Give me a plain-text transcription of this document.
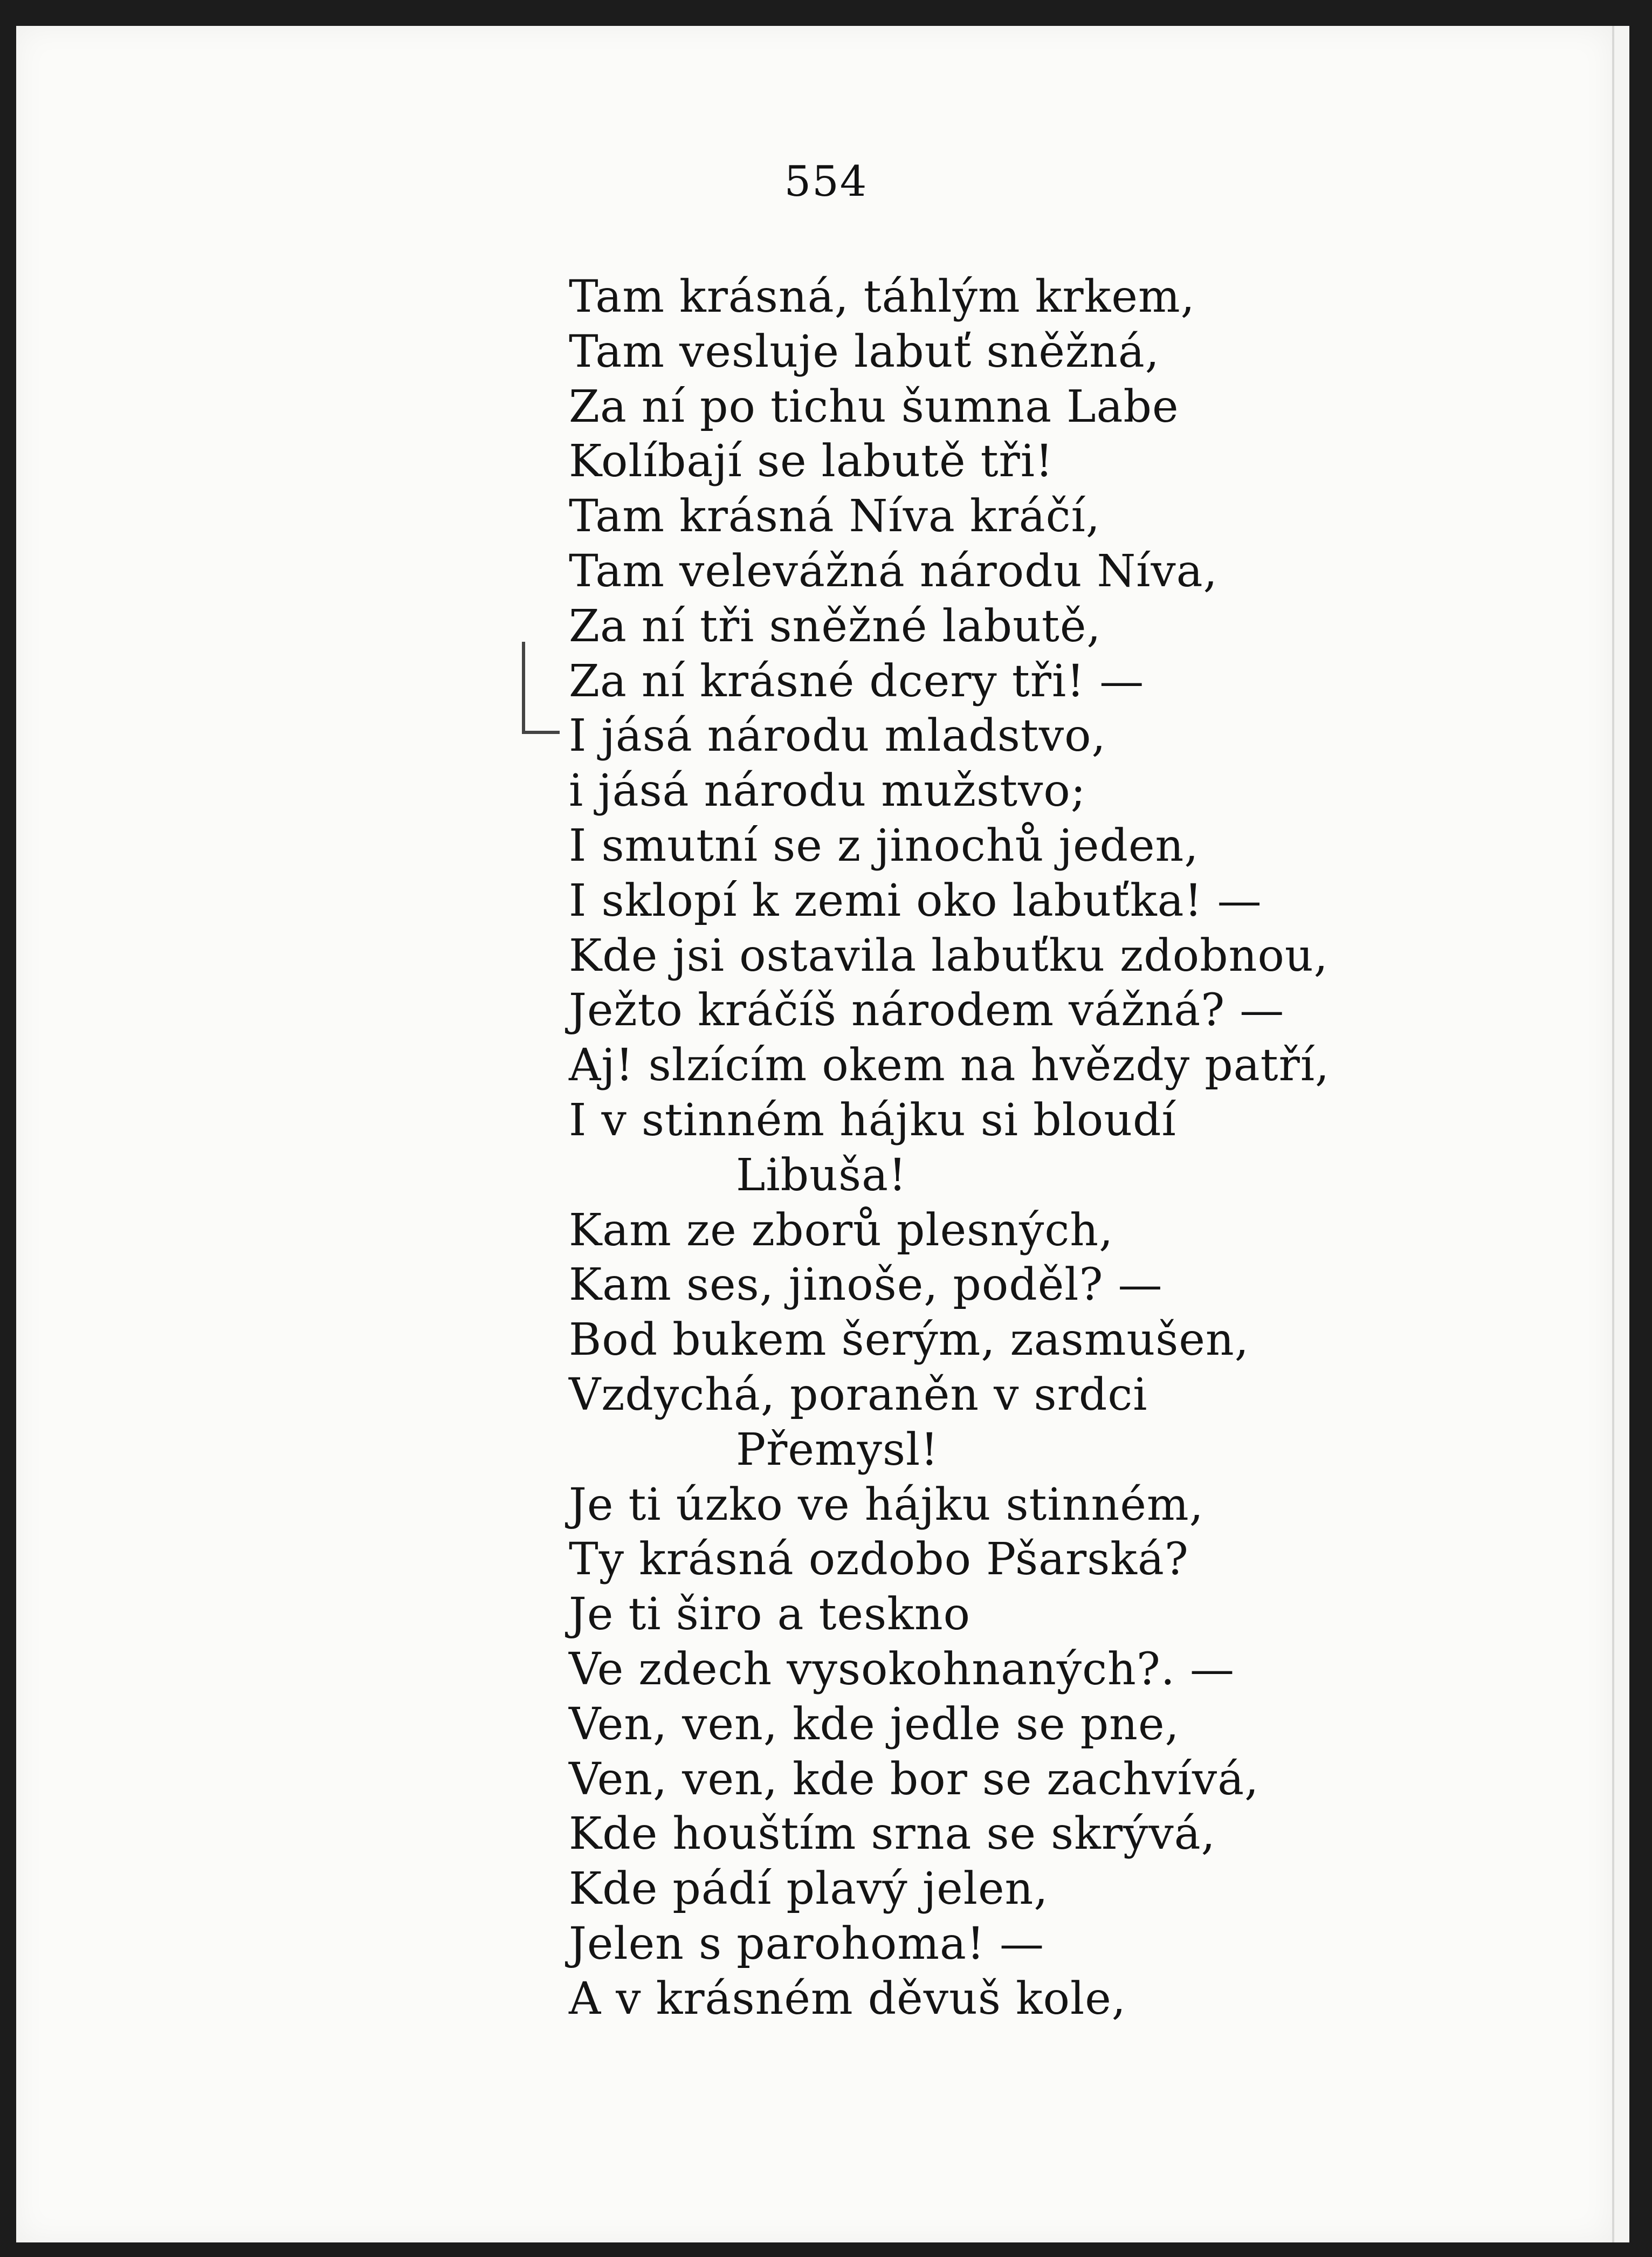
554
Tam krásná, táhlým krkem,
Tam vesluje labuť sněžná,
Za ní po tichu šumna Labe
Kolíbají se labutě tři!
Tam krásná Níva kráčí,
Tam velevážná národu Níva,
Za ní tři sněžné labutě,
Za ní krásné dcery tři! —
I jásá národu mladstvo,
i jásá národu mužstvo;
I smutní se z jinochů jeden,
I sklopí k zemi oko labuťka! —
Kde jsi ostavila labuťku zdobnou,
Ježto kráčíš národem vážná? —
Aj! slzícím okem na hvězdy patří,
I v stinném hájku si bloudí
Libuša!
Kam ze zborů plesných,
Kam ses, jinoše, poděl? —
Bod bukem šerým, zasmušen,
Vzdychá, poraněn v srdci
Přemysl!
Je ti úzko ve hájku stinném,
Ty krásná ozdobo Pšarská?
Je ti širo a teskno
Ve zdech vysokohnaných?. —
Ven, ven, kde jedle se pne,
Ven, ven, kde bor se zachvívá,
Kde houštím srna se skrývá,
Kde pádí plavý jelen,
Jelen s parohoma! —
A v krásném děvuš kole,
